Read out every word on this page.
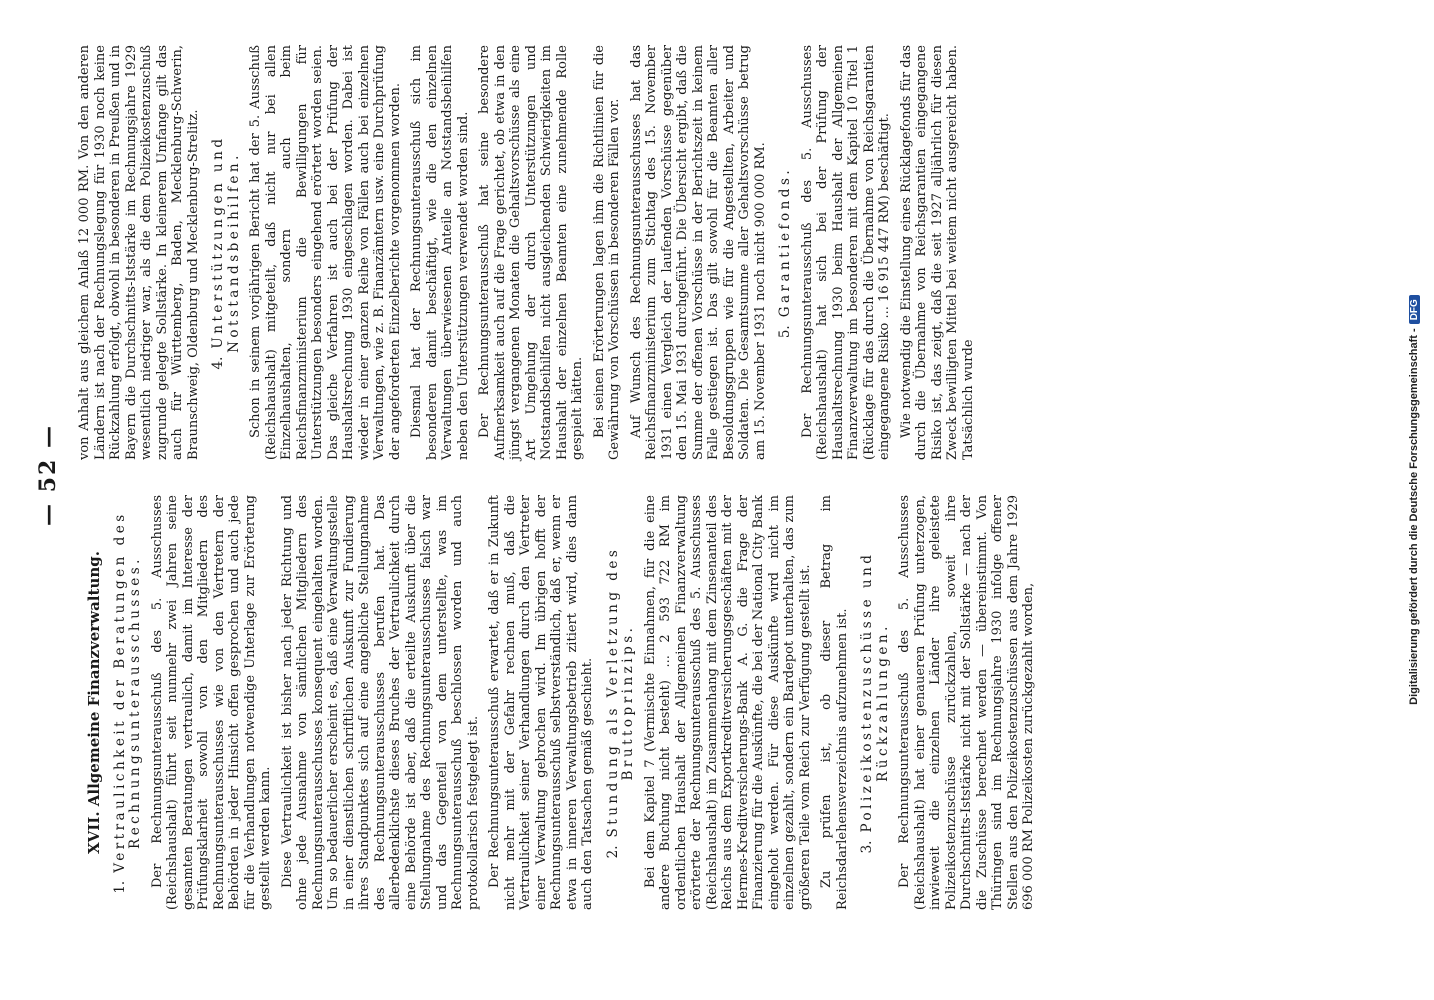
— 52 —
XVII. Allgemeine Finanzverwaltung.
1.Vertraulichkeit der Beratungen des Rechnungsunterausschusses. Der Rechnungsunterausschuß des 5. Ausschusses (Reichshaushalt) führt seit nunmehr zwei Jahren seine gesamten Beratungen vertraulich, damit im Interesse der Prüfungsklarheit sowohl von den Mitgliedern des Rechnungsunterausschusses wie von den Vertretern der Behörden in jeder Hinsicht offen gesprochen und auch jede für die Verhandlungen notwendige Unterlage zur Erörterung gestellt werden kann. Diese Vertraulichkeit ist bisher nach jeder Richtung und ohne jede Ausnahme von sämtlichen Mitgliedern des Rechnungsunterausschusses konsequent eingehalten worden. Um so bedauerlicher erscheint es, daß eine Verwaltungsstelle in einer dienstlichen schriftlichen Auskunft zur Fundierung ihres Standpunktes sich auf eine angebliche Stellungnahme des Rechnungsunterausschusses berufen hat. Das allerbedenklichste dieses Bruches der Vertraulichkeit durch eine Behörde ist aber, daß die erteilte Auskunft über die Stellungnahme des Rechnungsunterausschusses falsch war und das Gegenteil von dem unterstellte, was im Rechnungsunterausschuß beschlossen worden und auch protokollarisch festgelegt ist. Der Rechnungsunterausschuß erwartet, daß er in Zukunft nicht mehr mit der Gefahr rechnen muß, daß die Vertraulichkeit seiner Verhandlungen durch den Vertreter einer Verwaltung gebrochen wird. Im übrigen hofft der Rechnungsunterausschuß selbstverständlich, daß er, wenn er etwa in inneren Verwaltungsbetrieb zitiert wird, dies dann auch den Tatsachen gemäß geschieht. 2.Stundung als Verletzung des Bruttoprinzips. Bei dem Kapitel 7 (Vermischte Einnahmen, für die eine andere Buchung nicht besteht) ... 2 593 722 RM im ordentlichen Haushalt der Allgemeinen Finanzverwaltung erörterte der Rechnungsunterausschuß des 5. Ausschusses (Reichshaushalt) im Zusammenhang mit dem Zinsenanteil des Reichs aus dem Exportkreditversicherungsgeschäften mit der Hermes-Kreditversicherungs-Bank A. G. die Frage der Finanzierung für die Auskünfte, die bei der National City Bank eingeholt werden. Für diese Auskünfte wird nicht im einzelnen gezahlt, sondern ein Bardepot unterhalten, das zum größeren Teile vom Reich zur Verfügung gestellt ist. Zu prüfen ist, ob dieser Betrag im Reichsdarlehensverzeichnis aufzunehmen ist. 3.Polizeikostenzuschüsse und Rückzahlungen. Der Rechnungsunterausschuß des 5. Ausschusses (Reichshaushalt) hat einer genaueren Prüfung unterzogen, inwieweit die einzelnen Länder ihre geleistete Polizeikostenzuschüsse zurückzahlen, soweit ihre Durchschnitts-Iststärke nicht mit der Sollstärke — nach der die Zuschüsse berechnet werden — übereinstimmt. Von Thüringen sind im Rechnungsjahre 1930 infolge offener Stellen aus den Polizeikostenzuschüssen aus dem Jahre 1929 696 000 RM Polizeikosten zurückgezahlt worden,

von Anhalt aus gleichem Anlaß 12 000 RM. Von den anderen Ländern ist nach der Rechnungslegung für 1930 noch keine Rückzahlung erfolgt, obwohl in besonderen in Preußen und in Bayern die Durchschnitts-Iststärke im Rechnungsjahre 1929 wesentlich niedriger war, als die dem Polizeikostenzuschuß zugrunde gelegte Sollstärke. In kleinerem Umfange gilt das auch für Württemberg, Baden, Mecklenburg-Schwerin, Braunschweig, Oldenburg und Mecklenburg-Strelitz. 4.Unterstützungen und Notstandsbeihilfen. Schon in seinem vorjährigen Bericht hat der 5. Ausschuß (Reichshaushalt) mitgeteilt, daß nicht nur bei allen Einzelhaushalten, sondern auch beim Reichsfinanzministerium die Bewilligungen für Unterstützungen besonders eingehend erörtert worden seien. Das gleiche Verfahren ist auch bei der Prüfung der Haushaltsrechnung 1930 eingeschlagen worden. Dabei ist wieder in einer ganzen Reihe von Fällen auch bei einzelnen Verwaltungen, wie z. B. Finanzämtern usw. eine Durchprüfung der angeforderten Einzelberichte vorgenommen worden. Diesmal hat der Rechnungsunterausschuß sich im besonderen damit beschäftigt, wie die den einzelnen Verwaltungen überwiesenen Anteile an Notstandsbeihilfen neben den Unterstützungen verwendet worden sind. Der Rechnungsunterausschuß hat seine besondere Aufmerksamkeit auch auf die Frage gerichtet, ob etwa in den jüngst vergangenen Monaten die Gehaltsvorschüsse als eine Art Umgehung der durch Unterstützungen und Notstandsbeihilfen nicht ausgleichenden Schwierigkeiten im Haushalt der einzelnen Beamten eine zunehmende Rolle gespielt hätten. Bei seinen Erörterungen lagen ihm die Richtlinien für die Gewährung von Vorschüssen in besonderen Fällen vor. Auf Wunsch des Rechnungsunterausschusses hat das Reichsfinanzministerium zum Stichtag des 15. November 1931 einen Vergleich der laufenden Vorschüsse gegenüber den 15. Mai 1931 durchgeführt. Die Übersicht ergibt, daß die Summe der offenen Vorschüsse in der Berichtszeit in keinem Falle gestiegen ist. Das gilt sowohl für die Beamten aller Besoldungsgruppen wie für die Angestellten, Arbeiter und Soldaten. Die Gesamtsumme aller Gehaltsvorschüsse betrug am 15. November 1931 noch nicht 900 000 RM. 5.Garantiefonds. Der Rechnungsunterausschuß des 5. Ausschusses (Reichshaushalt) hat sich bei der Prüfung der Haushaltsrechnung 1930 beim Haushalt der Allgemeinen Finanzverwaltung im besonderen mit dem Kapitel 10 Titel 1 (Rücklage für das durch die Übernahme von Reichsgarantien eingegangene Risiko ... 16 915 447 RM) beschäftigt. Wie notwendig die Einstellung eines Rücklagefonds für das durch die Übernahme von Reichsgarantien eingegangene Risiko ist, das zeigt, daß die seit 1927 alljährlich für diesen Zweck bewilligten Mittel bei weitem nicht ausgereicht haben. Tatsächlich wurde	Digitalisierung gefördert durch die Deutsche Forschungsgemeinschaft -DFG
